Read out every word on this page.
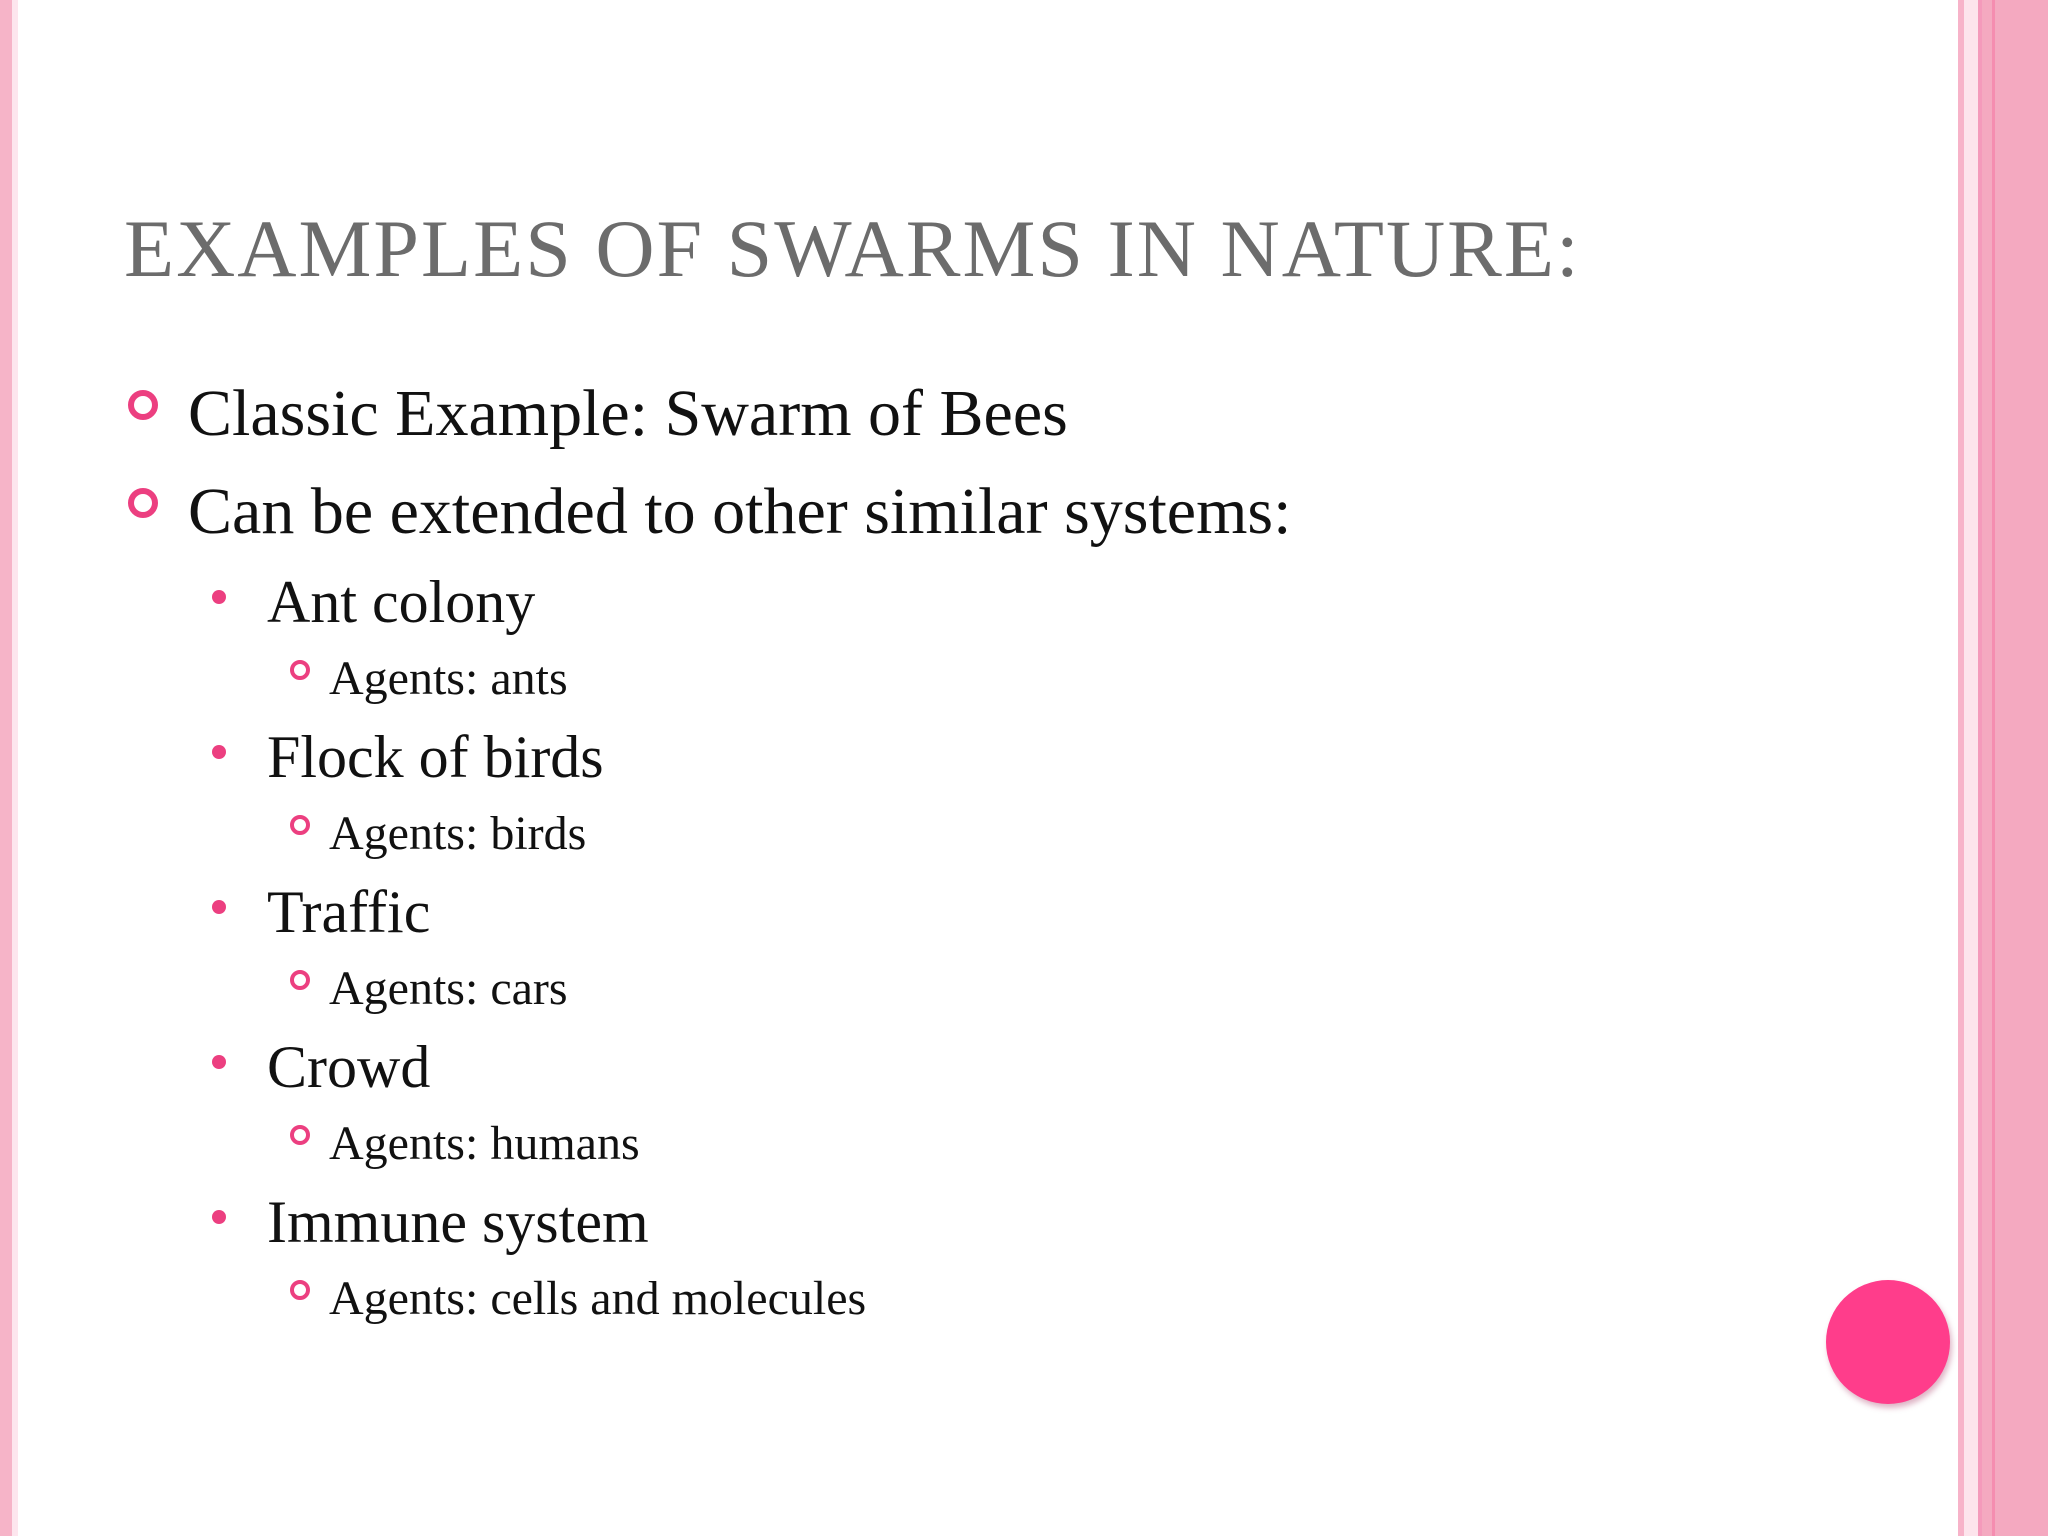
EXAMPLES OF SWARMS IN NATURE:
Classic Example: Swarm of Bees
Can be extended to other similar systems:
Ant colony
Agents: ants
Flock of birds
Agents: birds
Traffic
Agents: cars
Crowd
Agents: humans
Immune system
Agents: cells and molecules
